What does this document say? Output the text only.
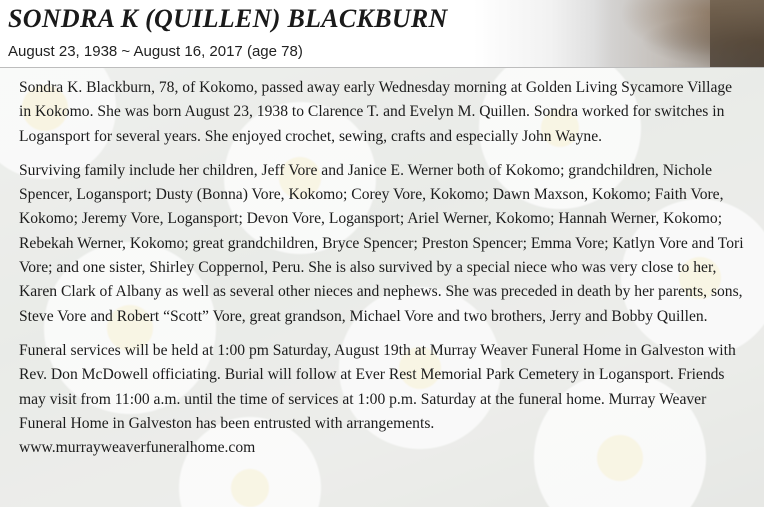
SONDRA K (QUILLEN) BLACKBURN
August 23, 1938 ~ August 16, 2017 (age 78)

Sondra K. Blackburn, 78, of Kokomo, passed away early Wednesday morning at Golden Living Sycamore Village in Kokomo. She was born August 23, 1938 to Clarence T. and Evelyn M. Quillen. Sondra worked for switches in Logansport for several years. She enjoyed crochet, sewing, crafts and especially John Wayne.

Surviving family include her children, Jeff Vore and Janice E. Werner both of Kokomo; grandchildren, Nichole Spencer, Logansport; Dusty (Bonna) Vore, Kokomo; Corey Vore, Kokomo; Dawn Maxson, Kokomo; Faith Vore, Kokomo; Jeremy Vore, Logansport; Devon Vore, Logansport; Ariel Werner, Kokomo; Hannah Werner, Kokomo; Rebekah Werner, Kokomo; great grandchildren, Bryce Spencer; Preston Spencer; Emma Vore; Katlyn Vore and Tori Vore; and one sister, Shirley Coppernol, Peru. She is also survived by a special niece who was very close to her, Karen Clark of Albany as well as several other nieces and nephews. She was preceded in death by her parents, sons, Steve Vore and Robert “Scott” Vore, great grandson, Michael Vore and two brothers, Jerry and Bobby Quillen.

Funeral services will be held at 1:00 pm Saturday, August 19th at Murray Weaver Funeral Home in Galveston with Rev. Don McDowell officiating. Burial will follow at Ever Rest Memorial Park Cemetery in Logansport. Friends may visit from 11:00 a.m. until the time of services at 1:00 p.m. Saturday at the funeral home. Murray Weaver Funeral Home in Galveston has been entrusted with arrangements.
www.murrayweaverfuneralhome.com
